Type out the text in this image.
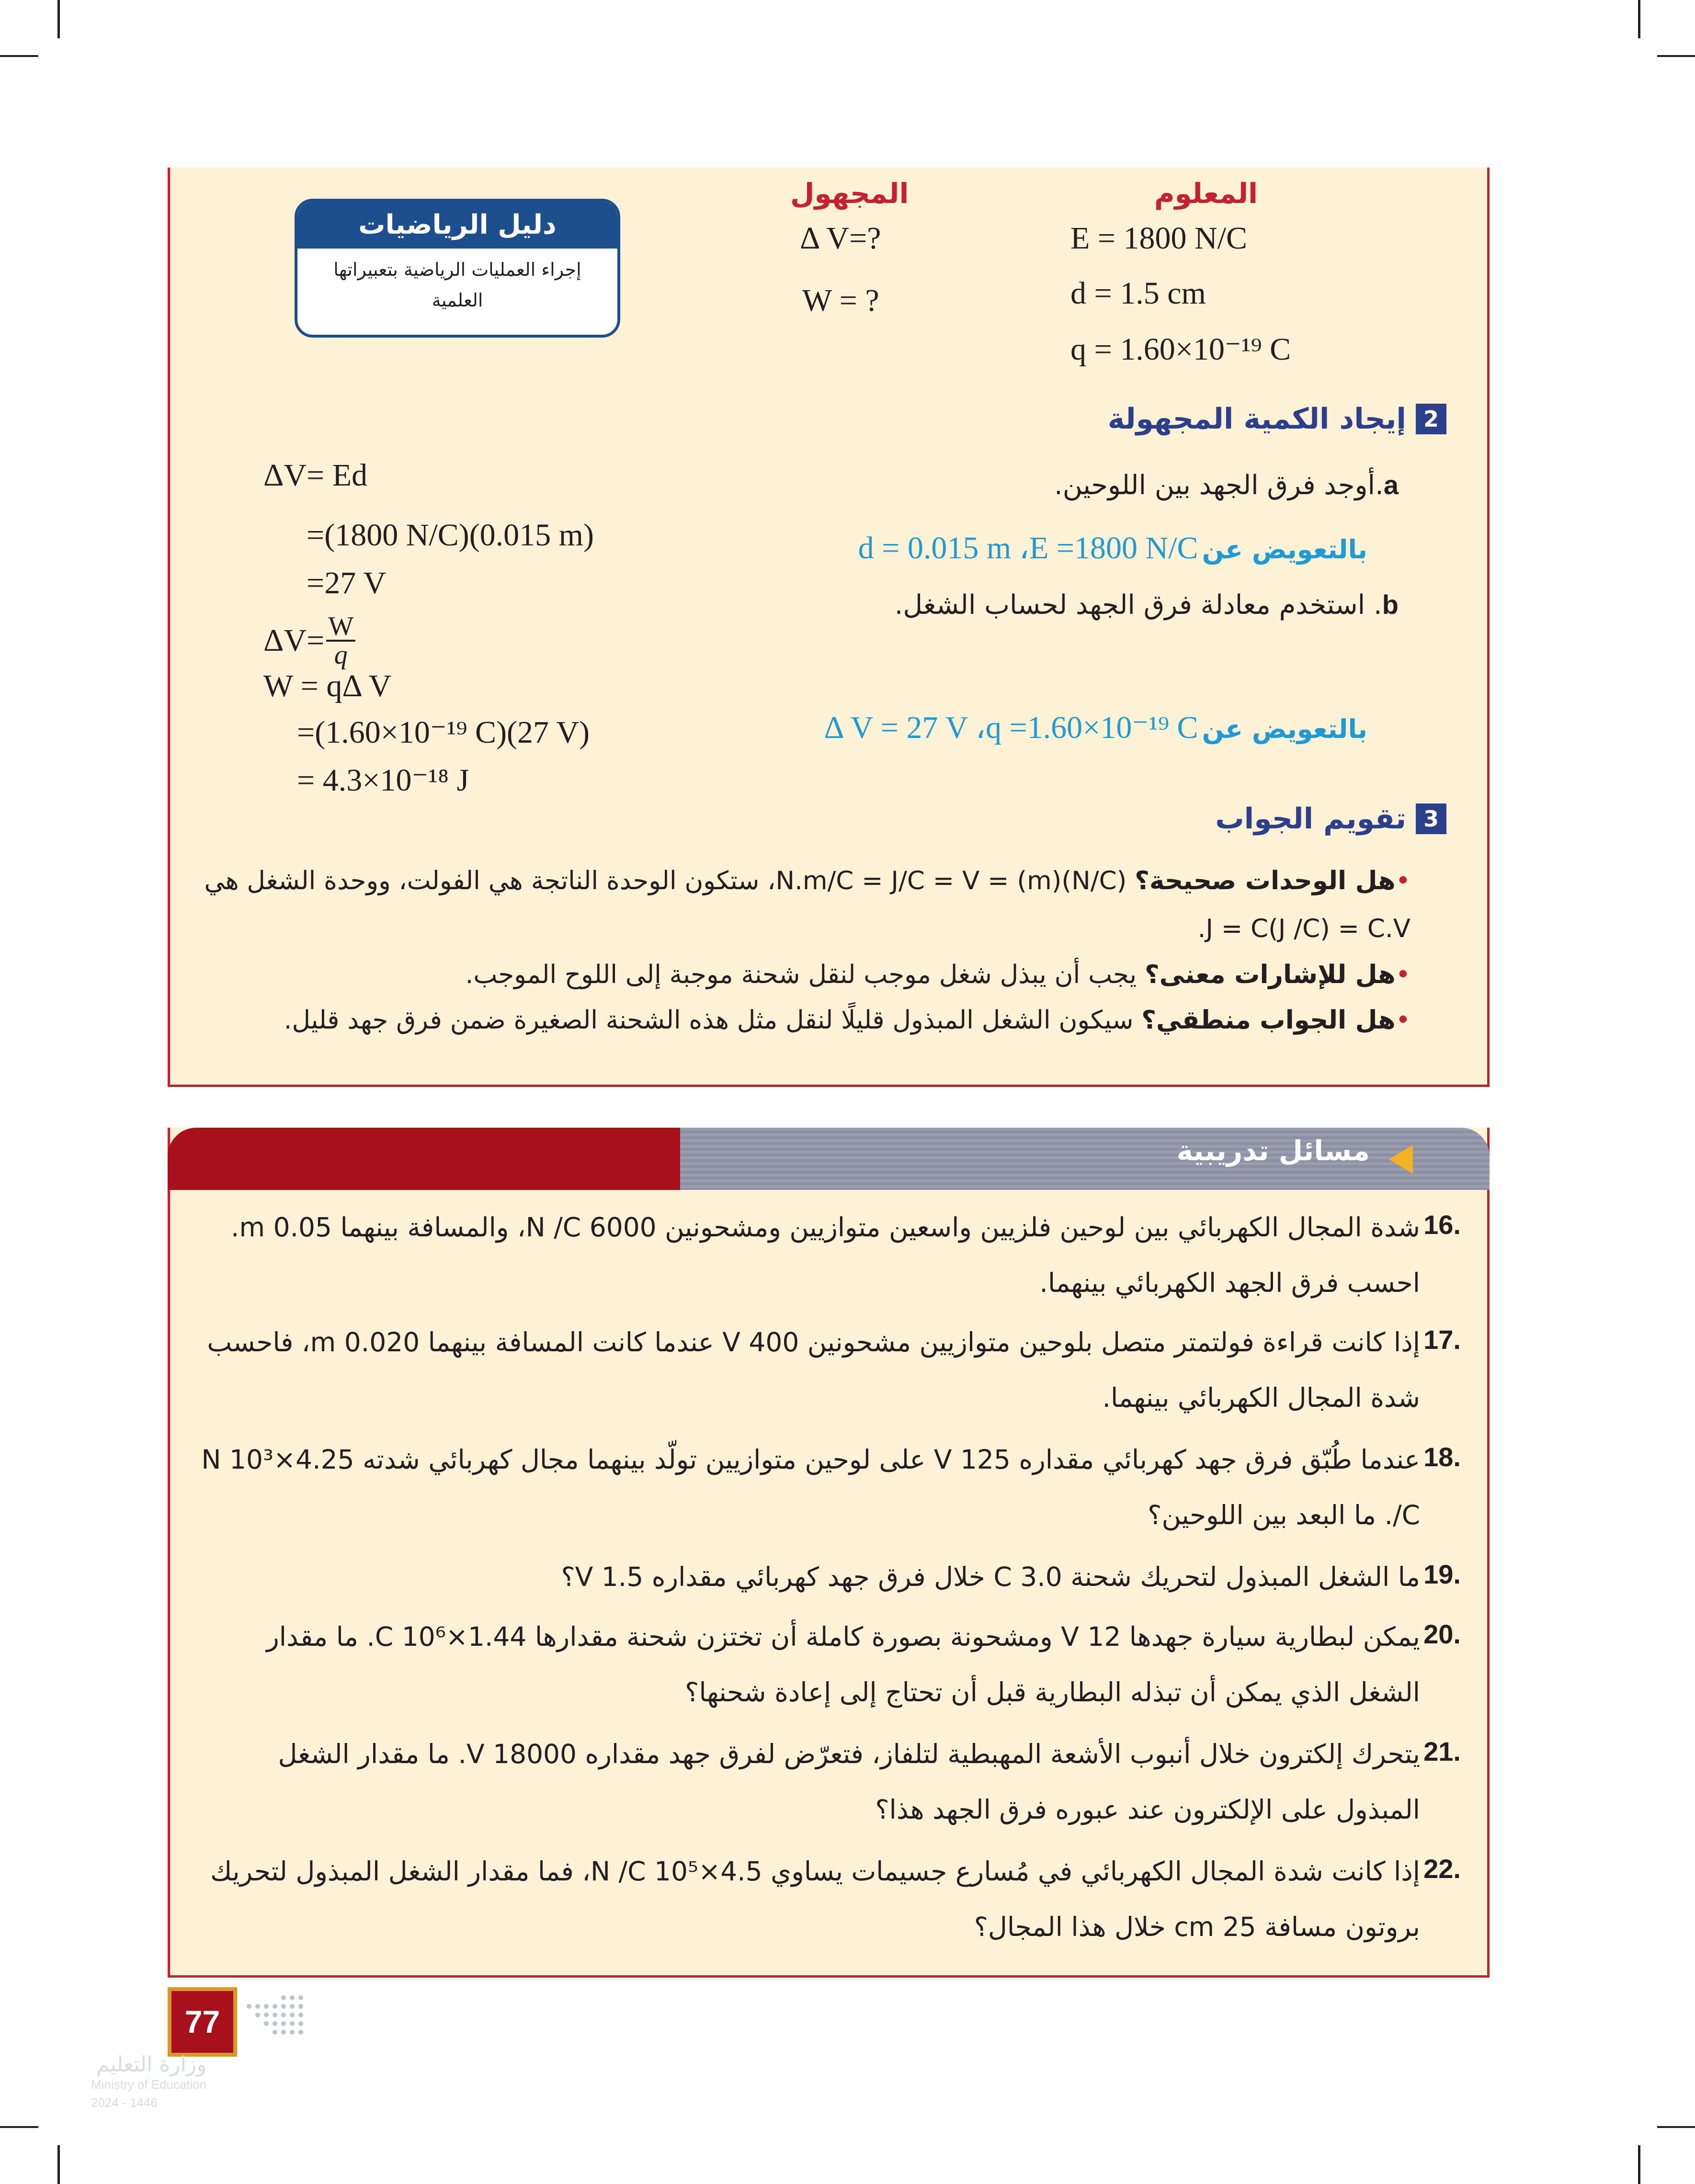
المعلوم
المجهول
E = 1800 N/C
d = 1.5 cm
q = 1.60×10⁻¹⁹ C
Δ V=?
W = ?
دليل الرياضيات
إجراء العمليات الرياضية بتعبيراتها العلمية
2
إيجاد الكمية المجهولة
a.أوجد فرق الجهد بين اللوحين.
بالتعويض عن
d = 0.015 m ،E =1800 N/C
b. استخدم معادلة فرق الجهد لحساب الشغل.
بالتعويض عن
Δ V = 27 V ،q =1.60×10⁻¹⁹ C
ΔV= Ed
=(1800 N/C)(0.015 m)
=27 V
$\Delta V= \frac{W}{q}$
W = qΔ V
=(1.60×10⁻¹⁹ C)(27 V)
= 4.3×10⁻¹⁸ J
3
تقويم الجواب
•هل الوحدات صحيحة؟ (N/C)(m) = N.m/C = J/C = V، ستكون الوحدة الناتجة هي الفولت، ووحدة الشغل هي J = C(J /C) = C.V.
•هل للإشارات معنى؟ يجب أن يبذل شغل موجب لنقل شحنة موجبة إلى اللوح الموجب.
•هل الجواب منطقي؟ سيكون الشغل المبذول قليلًا لنقل مثل هذه الشحنة الصغيرة ضمن فرق جهد قليل.
16.
شدة المجال الكهربائي بين لوحين فلزيين واسعين متوازيين ومشحونين 6000 N /C، والمسافة بينهما 0.05 m. احسب فرق الجهد الكهربائي بينهما.
17.
إذا كانت قراءة فولتمتر متصل بلوحين متوازيين مشحونين 400 V عندما كانت المسافة بينهما 0.020 m، فاحسب شدة المجال الكهربائي بينهما.
18.
عندما طُبّق فرق جهد كهربائي مقداره 125 V على لوحين متوازيين تولّد بينهما مجال كهربائي شدته 4.25×10³ N /C. ما البعد بين اللوحين؟
19.
ما الشغل المبذول لتحريك شحنة 3.0 C خلال فرق جهد كهربائي مقداره 1.5 V؟
20.
يمكن لبطارية سيارة جهدها 12 V ومشحونة بصورة كاملة أن تختزن شحنة مقدارها 1.44×10⁶ C. ما مقدار الشغل الذي يمكن أن تبذله البطارية قبل أن تحتاج إلى إعادة شحنها؟
21.
يتحرك إلكترون خلال أنبوب الأشعة المهبطية لتلفاز، فتعرّض لفرق جهد مقداره 18000 V. ما مقدار الشغل المبذول على الإلكترون عند عبوره فرق الجهد هذا؟
22.
إذا كانت شدة المجال الكهربائي في مُسارع جسيمات يساوي 4.5×10⁵ N /C، فما مقدار الشغل المبذول لتحريك بروتون مسافة 25 cm خلال هذا المجال؟
مسائل تدريبية
77
وزارة التعليم
Ministry of Education
2024 - 1446
